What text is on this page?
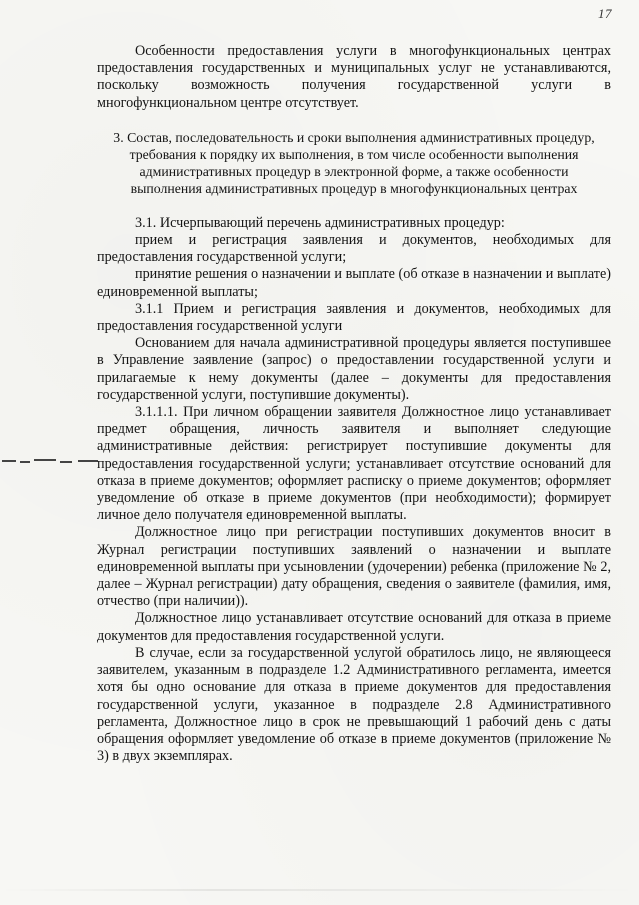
17

Особенности предоставления услуги в многофункциональных центрах предоставления государственных и муниципальных услуг не устанавливаются, поскольку возможность получения государственной услуги в многофункциональном центре отсутствует.

3. Состав, последовательность и сроки выполнения административных процедур, требования к порядку их выполнения, в том числе особенности выполнения административных процедур в электронной форме, а также особенности выполнения административных процедур в многофункциональных центрах

3.1. Исчерпывающий перечень административных процедур:

прием и регистрация заявления и документов, необходимых для предоставления государственной услуги;

принятие решения о назначении и выплате (об отказе в назначении и выплате) единовременной выплаты;

3.1.1 Прием и регистрация заявления и документов, необходимых для предоставления государственной услуги

Основанием для начала административной процедуры является поступившее в Управление заявление (запрос) о предоставлении государственной услуги и прилагаемые к нему документы (далее – документы для предоставления государственной услуги, поступившие документы).

3.1.1.1. При личном обращении заявителя Должностное лицо устанавливает предмет обращения, личность заявителя и выполняет следующие административные действия: регистрирует поступившие документы для предоставления государственной услуги; устанавливает отсутствие оснований для отказа в приеме документов; оформляет расписку о приеме документов; оформляет уведомление об отказе в приеме документов (при необходимости); формирует личное дело получателя единовременной выплаты.

Должностное лицо при регистрации поступивших документов вносит в Журнал регистрации поступивших заявлений о назначении и выплате единовременной выплаты при усыновлении (удочерении) ребенка (приложение № 2, далее – Журнал регистрации) дату обращения, сведения о заявителе (фамилия, имя, отчество (при наличии)).

Должностное лицо устанавливает отсутствие оснований для отказа в приеме документов для предоставления государственной услуги.

В случае, если за государственной услугой обратилось лицо, не являющееся заявителем, указанным в подразделе 1.2 Административного регламента, имеется хотя бы одно основание для отказа в приеме документов для предоставления государственной услуги, указанное в подразделе 2.8 Административного регламента, Должностное лицо в срок не превышающий 1 рабочий день с даты обращения оформляет уведомление об отказе в приеме документов (приложение № 3) в двух экземплярах.
